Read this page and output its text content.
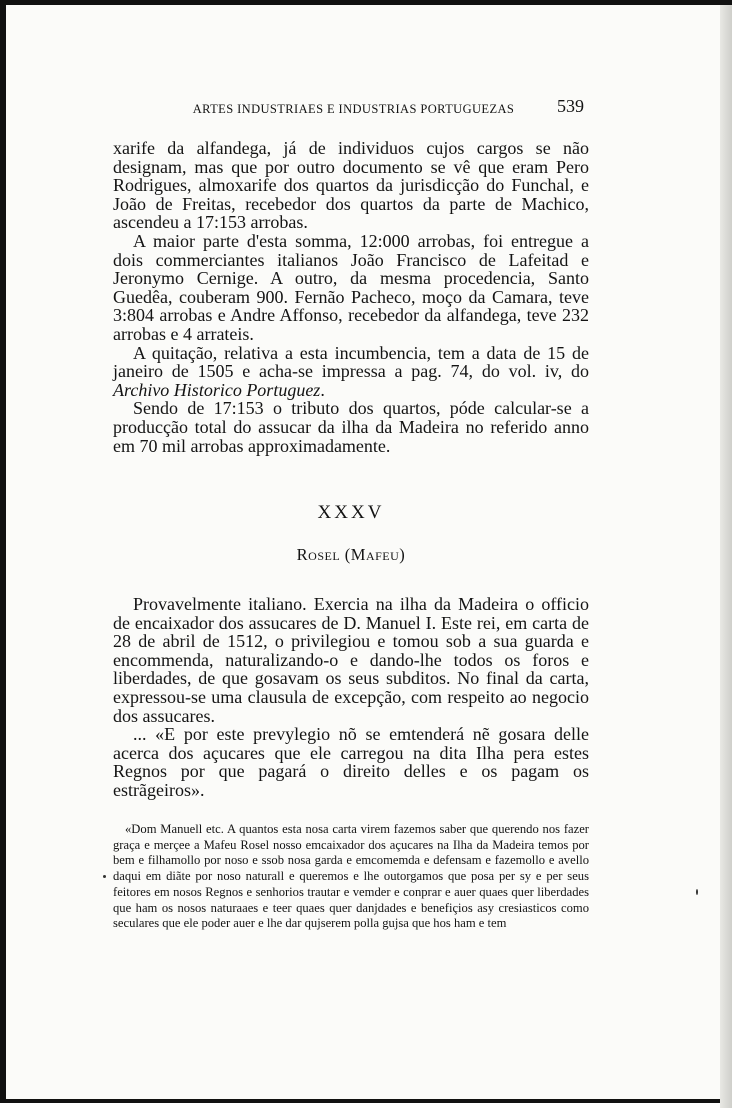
ARTES INDUSTRIAES E INDUSTRIAS PORTUGUEZAS	539

xarife da alfandega, já de individuos cujos cargos se não designam, mas que por outro documento se vê que eram Pero Rodrigues, almoxarife dos quartos da jurisdicção do Funchal, e João de Freitas, recebedor dos quartos da parte de Machico, ascendeu a 17:153 arrobas.

A maior parte d'esta somma, 12:000 arrobas, foi entregue a dois commerciantes italianos João Francisco de Lafeitad e Jeronymo Cernige. A outro, da mesma procedencia, Santo Guedêa, couberam 900. Fernão Pacheco, moço da Camara, teve 3:804 arrobas e Andre Affonso, recebedor da alfandega, teve 232 arrobas e 4 arrateis.

A quitação, relativa a esta incumbencia, tem a data de 15 de janeiro de 1505 e acha-se impressa a pag. 74, do vol. iv, do Archivo Historico Portuguez.

Sendo de 17:153 o tributo dos quartos, póde calcular-se a producção total do assucar da ilha da Madeira no referido anno em 70 mil arrobas approximadamente.

XXXV
Rosel (Mafeu)

Provavelmente italiano. Exercia na ilha da Madeira o officio de encaixador dos assucares de D. Manuel I. Este rei, em carta de 28 de abril de 1512, o privilegiou e tomou sob a sua guarda e encommenda, naturalizando-o e dando-lhe todos os foros e liberdades, de que gosavam os seus subditos. No final da carta, expressou-se uma clausula de excepção, com respeito ao negocio dos assucares.

... «E por este prevylegio nõ se emtenderá nẽ gosara delle acerca dos açucares que ele carregou na dita Ilha pera estes Regnos por que pagará o direito delles e os pagam os estrãgeiros».

«Dom Manuell etc. A quantos esta nosa carta virem fazemos saber que querendo nos fazer graça e merçee a Mafeu Rosel nosso emcaixador dos açucares na Ilha da Madeira temos por bem e filhamollo por noso e ssob nosa garda e emcomemda e defensam e fazemollo e avello daqui em diãte por noso naturall e queremos e lhe outorgamos que posa per sy e per seus feitores em nosos Regnos e senhorios trautar e vemder e conprar e auer quaes quer liberdades que ham os nosos naturaaes e teer quaes quer danjdades e benefiçios asy cresiasticos como seculares que ele poder auer e lhe dar qujserem polla gujsa que hos ham e tem
